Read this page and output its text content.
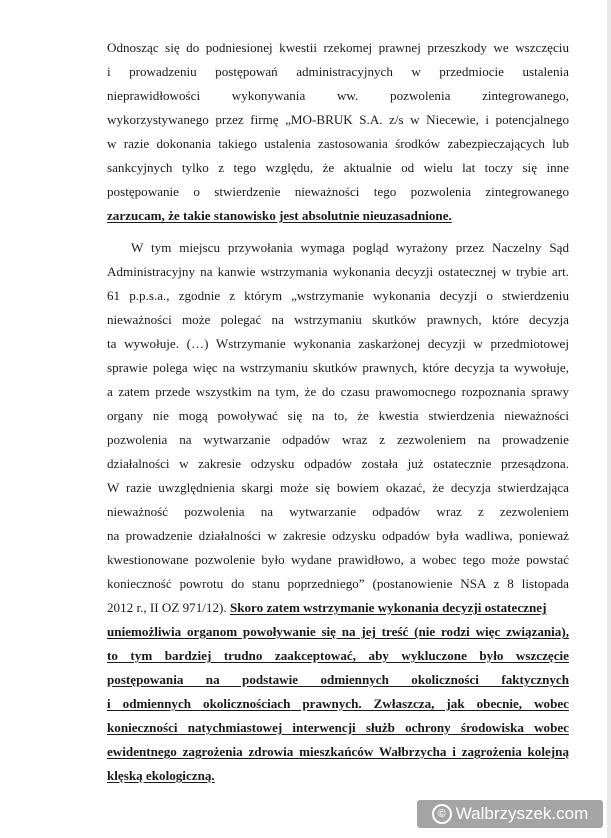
Odnosząc się do podniesionej kwestii rzekomej prawnej przeszkody we wszczęciu
i prowadzeniu postępowań administracyjnych w przedmiocie ustalenia
nieprawidłowości wykonywania ww. pozwolenia zintegrowanego,
wykorzystywanego przez firmę „MO-BRUK S.A. z/s w Niecewie, i potencjalnego
w razie dokonania takiego ustalenia zastosowania środków zabezpieczających lub
sankcyjnych tylko z tego względu, że aktualnie od wielu lat toczy się inne
postępowanie o stwierdzenie nieważności tego pozwolenia zintegrowanego
zarzucam, że takie stanowisko jest absolutnie nieuzasadnione.
W tym miejscu przywołania wymaga pogląd wyrażony przez Naczelny Sąd
Administracyjny na kanwie wstrzymania wykonania decyzji ostatecznej w trybie art.
61 p.p.s.a., zgodnie z którym „wstrzymanie wykonania decyzji o stwierdzeniu
nieważności może polegać na wstrzymaniu skutków prawnych, które decyzja
ta wywołuje. (…) Wstrzymanie wykonania zaskarżonej decyzji w przedmiotowej
sprawie polega więc na wstrzymaniu skutków prawnych, które decyzja ta wywołuje,
a zatem przede wszystkim na tym, że do czasu prawomocnego rozpoznania sprawy
organy nie mogą powoływać się na to, że kwestia stwierdzenia nieważności
pozwolenia na wytwarzanie odpadów wraz z zezwoleniem na prowadzenie
działalności w zakresie odzysku odpadów została już ostatecznie przesądzona.
W razie uwzględnienia skargi może się bowiem okazać, że decyzja stwierdzająca
nieważność pozwolenia na wytwarzanie odpadów wraz z zezwoleniem
na prowadzenie działalności w zakresie odzysku odpadów była wadliwa, ponieważ
kwestionowane pozwolenie było wydane prawidłowo, a wobec tego może powstać
konieczność powrotu do stanu poprzedniego” (postanowienie NSA z 8 listopada
2012 r., II OZ 971/12). Skoro zatem wstrzymanie wykonania decyzji ostatecznej
uniemożliwia organom powoływanie się na jej treść (nie rodzi więc związania),
to tym bardziej trudno zaakceptować, aby wykluczone było wszczęcie
postępowania na podstawie odmiennych okoliczności faktycznych
i odmiennych okolicznościach prawnych. Zwłaszcza, jak obecnie, wobec
konieczności natychmiastowej interwencji służb ochrony środowiska wobec
ewidentnego zagrożenia zdrowia mieszkańców Wałbrzycha i zagrożenia kolejną
klęską ekologiczną.
© Walbrzyszek.com
